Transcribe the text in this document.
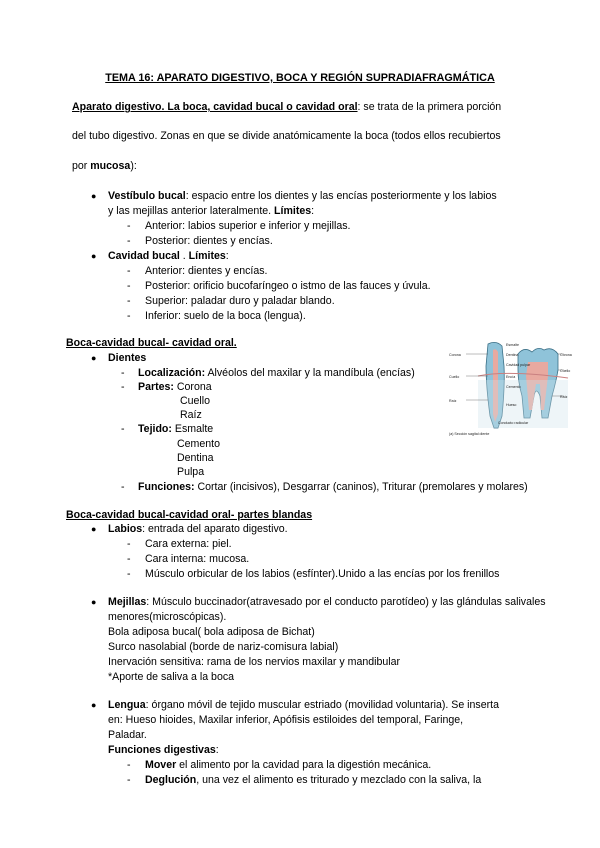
TEMA 16: APARATO DIGESTIVO, BOCA Y REGIÓN SUPRADIAFRAGMÁTICA
Aparato digestivo. La boca, cavidad bucal o cavidad oral: se trata de la primera porción
del tubo digestivo. Zonas en que se divide anatómicamente la boca (todos ellos recubiertos
por mucosa):
● Vestíbulo bucal: espacio entre los dientes y las encías posteriormente y los labios
y las mejillas anterior lateralmente. Límites:
- Anterior: labios superior e inferior y mejillas.
- Posterior: dientes y encías.
● Cavidad bucal . Límites:
- Anterior: dientes y encías.
- Posterior: orificio bucofaríngeo o istmo de las fauces y úvula.
- Superior: paladar duro y paladar blando.
- Inferior: suelo de la boca (lengua).
Boca-cavidad bucal- cavidad oral.
● Dientes
- Localización: Alvéolos del maxilar y la mandíbula (encías)
- Partes: Corona
Cuello
Raíz
- Tejido: Esmalte
Cemento
Dentina
Pulpa
- Funciones: Cortar (incisivos), Desgarrar (caninos), Triturar (premolares y molares)
Corona
Cuello
Raíz
Esmalte
Dentina
Cavidad pulpar
Encía
Cemento
Hueso
Conducto radicular
Corona
Cuello
Raíz
(a) Sección sagital diente
Boca-cavidad bucal-cavidad oral- partes blandas
● Labios: entrada del aparato digestivo.
- Cara externa: piel.
- Cara interna: mucosa.
- Músculo orbicular de los labios (esfínter).Unido a las encías por los frenillos
● Mejillas: Músculo buccinador(atravesado por el conducto parotídeo) y las glándulas salivales
menores(microscópicas).
Bola adiposa bucal( bola adiposa de Bichat)
Surco nasolabial (borde de nariz-comisura labial)
Inervación sensitiva: rama de los nervios maxilar y mandibular
*Aporte de saliva a la boca
● Lengua: órgano móvil de tejido muscular estriado (movilidad voluntaria). Se inserta
en: Hueso hioides, Maxilar inferior, Apófisis estiloides del temporal, Faringe,
Paladar.
Funciones digestivas:
- Mover el alimento por la cavidad para la digestión mecánica.
- Deglución, una vez el alimento es triturado y mezclado con la saliva, la
